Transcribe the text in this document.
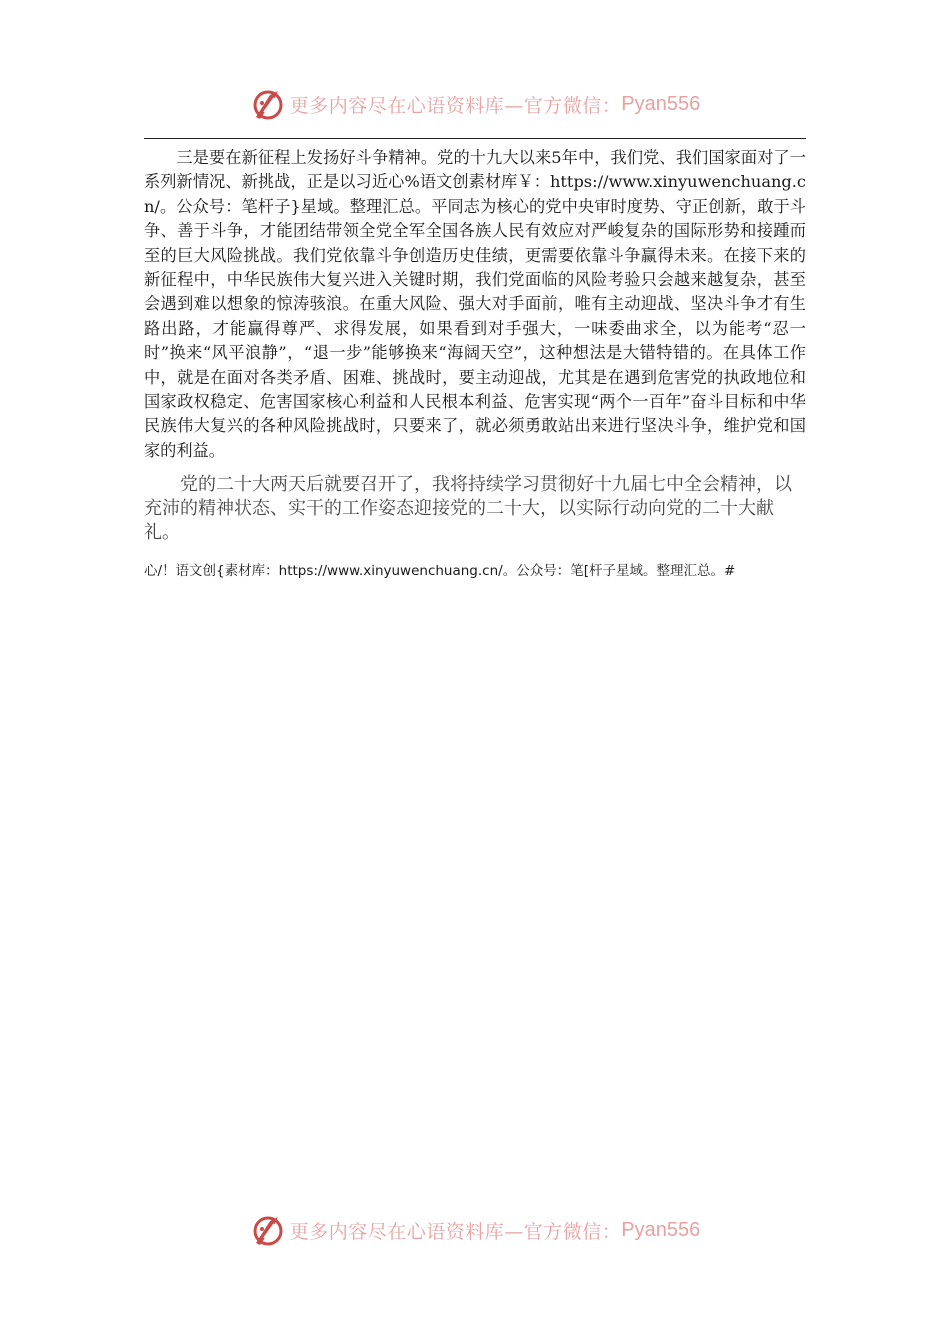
更多内容尽在心语资料库—官方微信： Pyan556

三是要在新征程上发扬好斗争精神。党的十九大以来5年中，我们党、我们国家面对了一系列新情况、新挑战，正是以习近心%语文创素材库￥：https://www.xinyuwenchuang.cn/。公众号：笔杆子}星域。整理汇总。平同志为核心的党中央审时度势、守正创新，敢于斗争、善于斗争，才能团结带领全党全军全国各族人民有效应对严峻复杂的国际形势和接踵而至的巨大风险挑战。我们党依靠斗争创造历史佳绩，更需要依靠斗争赢得未来。在接下来的新征程中，中华民族伟大复兴进入关键时期，我们党面临的风险考验只会越来越复杂，甚至会遇到难以想象的惊涛骇浪。在重大风险、强大对手面前，唯有主动迎战、坚决斗争才有生路出路，才能赢得尊严、求得发展，如果看到对手强大，一味委曲求全，以为能考“忍一时”换来“风平浪静”，“退一步”能够换来“海阔天空”，这种想法是大错特错的。在具体工作中，就是在面对各类矛盾、困难、挑战时，要主动迎战，尤其是在遇到危害党的执政地位和国家政权稳定、危害国家核心利益和人民根本利益、危害实现“两个一百年”奋斗目标和中华民族伟大复兴的各种风险挑战时，只要来了，就必须勇敢站出来进行坚决斗争，维护党和国家的利益。

党的二十大两天后就要召开了，我将持续学习贯彻好十九届七中全会精神，以充沛的精神状态、实干的工作姿态迎接党的二十大，以实际行动向党的二十大献礼。

心/！语文创{素材库：https://www.xinyuwenchuang.cn/。公众号：笔[杆子星域。整理汇总。#

更多内容尽在心语资料库—官方微信： Pyan556
